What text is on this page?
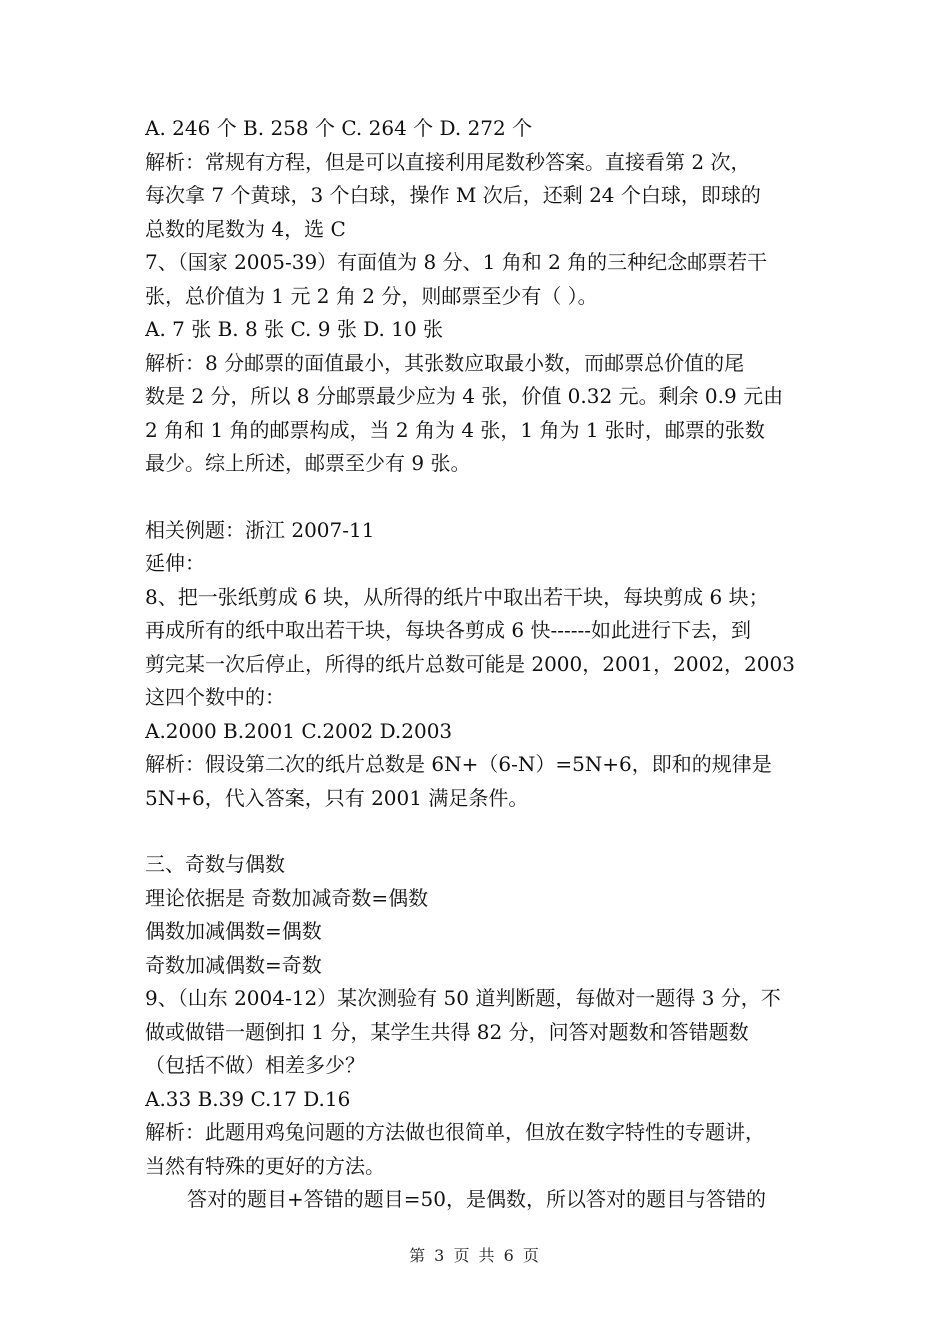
A. 246 个 B. 258 个 C. 264 个 D. 272 个
解析：常规有方程，但是可以直接利用尾数秒答案。直接看第 2 次，
每次拿 7 个黄球，3 个白球，操作 M 次后，还剩 24 个白球，即球的
总数的尾数为 4，选 C
7、（国家 2005-39）有面值为 8 分、1 角和 2 角的三种纪念邮票若干
张，总价值为 1 元 2 角 2 分，则邮票至少有（ ）。
A. 7 张 B. 8 张 C. 9 张 D. 10 张
解析：8 分邮票的面值最小，其张数应取最小数，而邮票总价值的尾
数是 2 分，所以 8 分邮票最少应为 4 张，价值 0.32 元。剩余 0.9 元由
2 角和 1 角的邮票构成，当 2 角为 4 张，1 角为 1 张时，邮票的张数
最少。综上所述，邮票至少有 9 张。
相关例题：浙江 2007-11
延伸：
8、把一张纸剪成 6 块，从所得的纸片中取出若干块，每块剪成 6 块；
再成所有的纸中取出若干块，每块各剪成 6 快------如此进行下去，到
剪完某一次后停止，所得的纸片总数可能是 2000，2001，2002，2003
这四个数中的：
A.2000 B.2001 C.2002 D.2003
解析：假设第二次的纸片总数是 6N+（6-N）=5N+6，即和的规律是
5N+6，代入答案，只有 2001 满足条件。
三、奇数与偶数
理论依据是 奇数加减奇数=偶数
偶数加减偶数=偶数
奇数加减偶数=奇数
9、（山东 2004-12）某次测验有 50 道判断题，每做对一题得 3 分，不
做或做错一题倒扣 1 分，某学生共得 82 分，问答对题数和答错题数
（包括不做）相差多少？
A.33 B.39 C.17 D.16
解析：此题用鸡兔问题的方法做也很简单，但放在数字特性的专题讲，
当然有特殊的更好的方法。
答对的题目+答错的题目=50，是偶数，所以答对的题目与答错的
第 3 页 共 6 页
